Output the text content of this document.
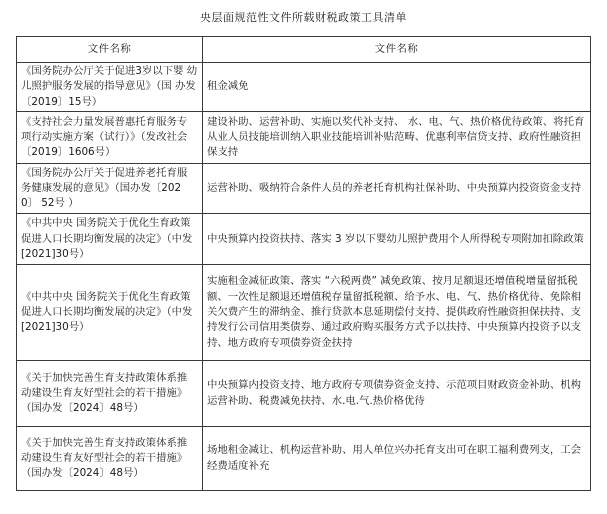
央层面规范性文件所载财税政策工具清单
文件名称	文件名称
《国务院办公厅关于促进3岁以下婴 幼儿照护服务发展的指导意见》（国 办发〔2019〕15号）	租金减免
《支持社会力量发展普惠托育服务专 项行动实施方案（试行）》（发改社会〔2019〕1606号）	建设补助、运营补助、实施以奖代补支持、 水、电、气、热价格优待政策、将托育从业人员技能培训纳入职业技能培训补贴范畴、优惠利率信贷支持、政府性融资担保支持
《国务院办公厅关于促进养老托育服 务健康发展的意见》（国办发〔2020〕 52号 ）	运营补助、吸纳符合条件人员的养老托育机构社保补助、中央预算内投资资金支持
《中共中央 国务院关于优化生育政策促进人口长期均衡发展的决定》（中发[2021]30号）	中央预算内投资扶持、落实 3 岁以下婴幼儿照护费用个人所得税专项附加扣除政策
《中共中央 国务院关于优化生育政策促进人口长期均衡发展的决定》（中发[2021]30号）	实施租金减征政策、落实 “六税两费” 减免政策、按月足额退还增值税增量留抵税额、一次性足额退还增值税存量留抵税额、给予水、电、气、热价格优待、免除相关欠费产生的滞纳金、推行贷款本息延期偿付支持、提供政府性融资担保扶持、支持发行公司信用类债券、通过政府购买服务方式予以扶持、中央预算内投资予以支持、地方政府专项债券资金扶持
《关于加快完善生育支持政策体系推 动建设生育友好型社会的若干措施》（国办发〔2024〕48号）	中央预算内投资支持、地方政府专项债券资金支持、示范项目财政资金补助、机构运营补助、税费减免扶持、水.电.气.热价格优待
《关于加快完善生育支持政策体系推 动建设生育友好型社会的若干措施》（国办发〔2024〕48号）	场地租金减让、机构运营补助、用人单位兴办托育支出可在职工福利费列支，工会经费适度补充
